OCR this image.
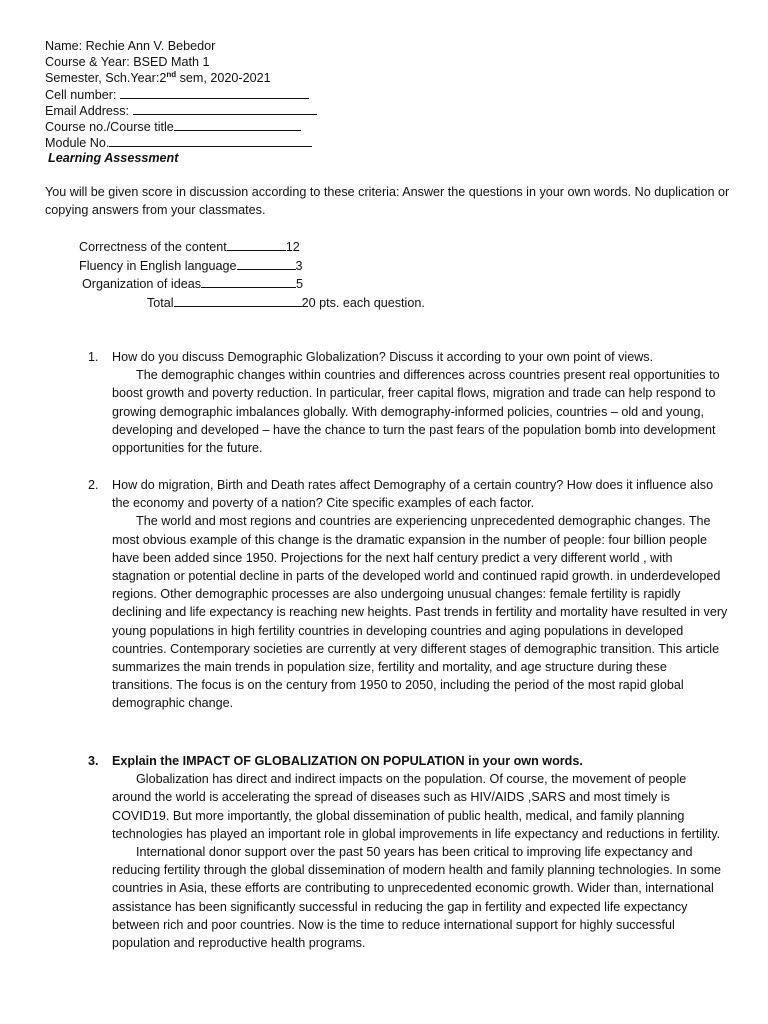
Name: Rechie Ann V. Bebedor
Course & Year: BSED Math 1
Semester, Sch.Year:2nd sem, 2020-2021
Cell number:
Email Address:
Course no./Course title
Module No.
Learning Assessment
You will be given score in discussion according to these criteria: Answer the questions in your own words. No duplication or copying answers from your classmates.
Correctness of the content	12
Fluency in English language	3
Organization of ideas	5
Total	20 pts. each question.
1. How do you discuss Demographic Globalization? Discuss it according to your own point of views.

The demographic changes within countries and differences across countries present real opportunities to boost growth and poverty reduction. In particular, freer capital flows, migration and trade can help respond to growing demographic imbalances globally. With demography-informed policies, countries – old and young, developing and developed – have the chance to turn the past fears of the population bomb into development opportunities for the future.

2. How do migration, Birth and Death rates affect Demography of a certain country? How does it influence also the economy and poverty of a nation? Cite specific examples of each factor.

The world and most regions and countries are experiencing unprecedented demographic changes. The most obvious example of this change is the dramatic expansion in the number of people: four billion people have been added since 1950. Projections for the next half century predict a very different world , with stagnation or potential decline in parts of the developed world and continued rapid growth. in underdeveloped regions. Other demographic processes are also undergoing unusual changes: female fertility is rapidly declining and life expectancy is reaching new heights. Past trends in fertility and mortality have resulted in very young populations in high fertility countries in developing countries and aging populations in developed countries. Contemporary societies are currently at very different stages of demographic transition. This article summarizes the main trends in population size, fertility and mortality, and age structure during these transitions. The focus is on the century from 1950 to 2050, including the period of the most rapid global demographic change.

3. Explain the IMPACT OF GLOBALIZATION ON POPULATION in your own words.

Globalization has direct and indirect impacts on the population. Of course, the movement of people around the world is accelerating the spread of diseases such as HIV/AIDS ,SARS and most timely is COVID19. But more importantly, the global dissemination of public health, medical, and family planning technologies has played an important role in global improvements in life expectancy and reductions in fertility.

International donor support over the past 50 years has been critical to improving life expectancy and reducing fertility through the global dissemination of modern health and family planning technologies. In some countries in Asia, these efforts are contributing to unprecedented economic growth. Wider than, international assistance has been significantly successful in reducing the gap in fertility and expected life expectancy between rich and poor countries. Now is the time to reduce international support for highly successful population and reproductive health programs.
